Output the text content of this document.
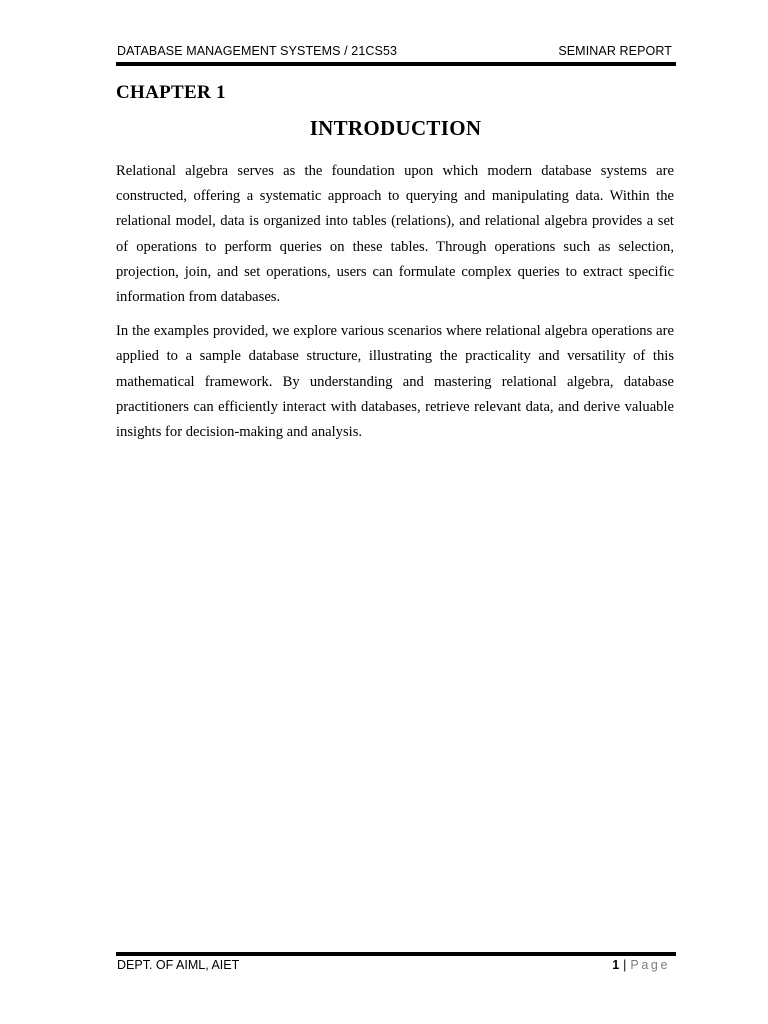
DATABASE MANAGEMENT SYSTEMS / 21CS53	SEMINAR REPORT
CHAPTER 1
INTRODUCTION

Relational algebra serves as the foundation upon which modern database systems are constructed, offering a systematic approach to querying and manipulating data. Within the relational model, data is organized into tables (relations), and relational algebra provides a set of operations to perform queries on these tables. Through operations such as selection, projection, join, and set operations, users can formulate complex queries to extract specific information from databases.

In the examples provided, we explore various scenarios where relational algebra operations are applied to a sample database structure, illustrating the practicality and versatility of this mathematical framework. By understanding and mastering relational algebra, database practitioners can efficiently interact with databases, retrieve relevant data, and derive valuable insights for decision-making and analysis.

DEPT. OF AIML, AIET	1 | Page
